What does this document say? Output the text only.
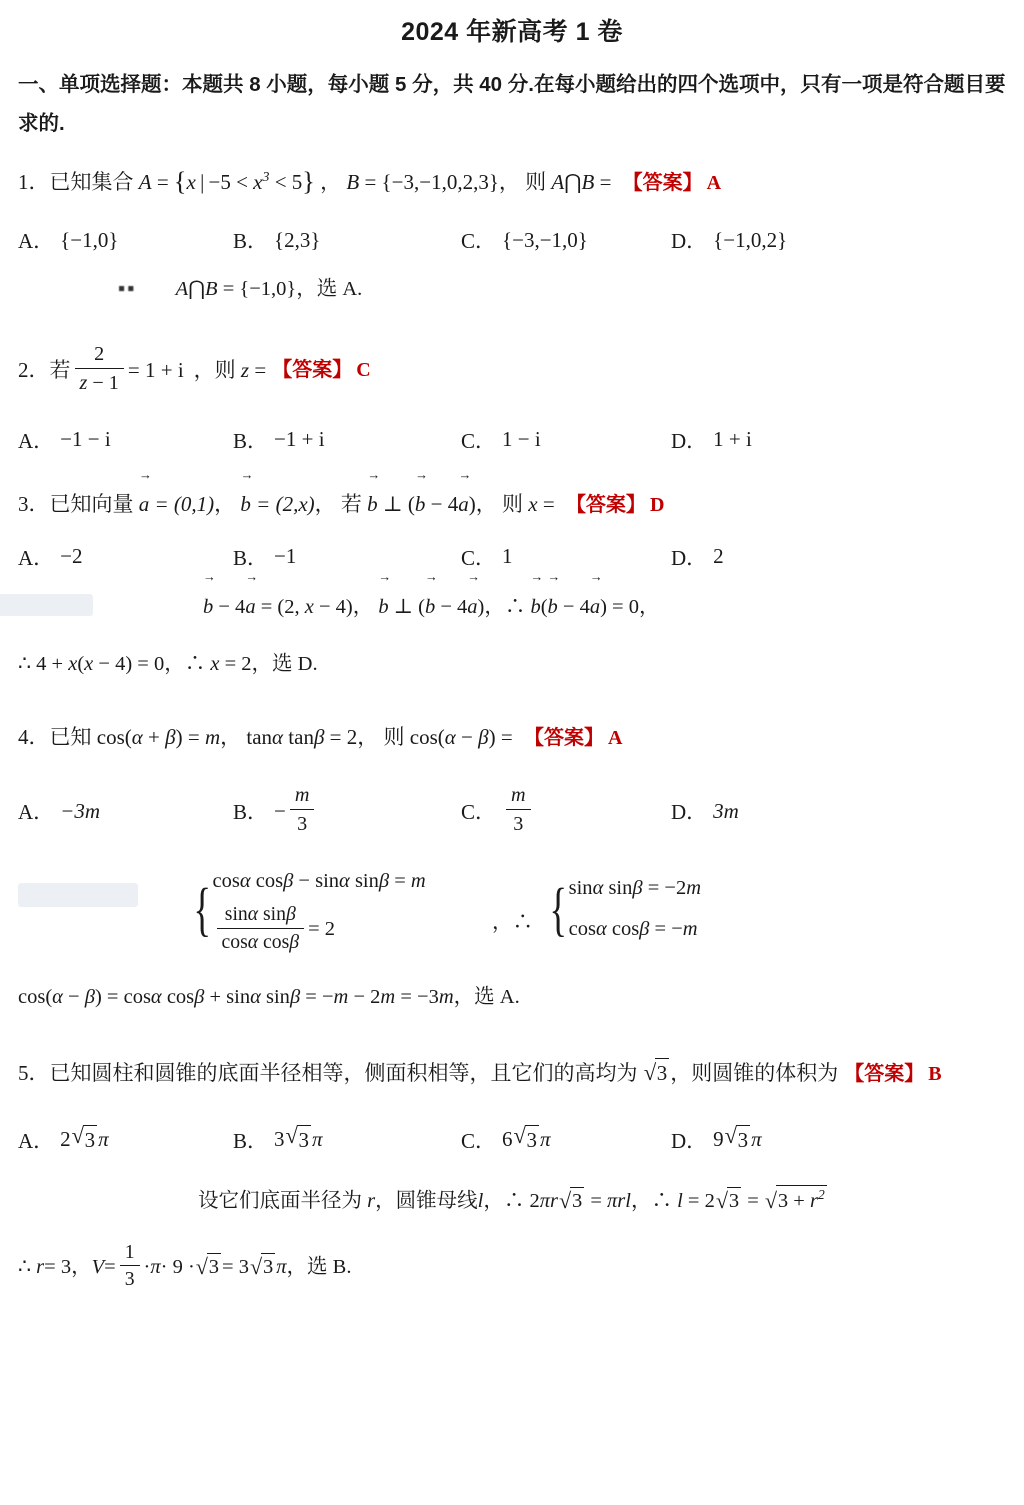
2024 年新高考 1 卷
一、单项选择题：本题共 8 小题，每小题 5 分，共 40 分.在每小题给出的四个选项中，只有一项是符合题目要求的.
1．已知集合 A = {x | $-5 < x^3 < 5$} ， B = {−3,−1,0,2,3}， 则 A⋂B = 【答案】 A
A． {−1,0}	B． {2,3}	C． {−3,−1,0}	D． {−1,0,2}
▪▪ A⋂B = {−1,0}，选 A.
2．若 $\frac{2}{z - 1} = 1 + i$ ，则 z = 【答案】 C
A． −1 − i	B． −1 + i	C． 1 − i	D． 1 + i
3．已知向量 a → = (0,1)， b → = (2,x)， 若 b → ⊥ (b → − 4a →)， 则 x = 【答案】 D
A． −2	B． −1	C． 1	D． 2
b → − 4a → = (2, x − 4)， b → ⊥ (b → − 4a →)，∴ b →(b → − 4a →) = 0，
∴ 4 + x(x − 4) = 0，∴ x = 2，选 D.
4．已知 cos(α + β) = m， tanα tanβ = 2， 则 cos(α − β) = 【答案】 A
A． −3m	B． − $\frac{m}{3}$	C． $\frac{m}{3}$	D． 3m
{ cosα cosβ − sinα sinβ = m
$\frac{\text{sinα sinβ}}{\text{cosα cosβ}} = 2$	，∴ { sinα sinβ = −2m
cosα cosβ = −m
cos(α − β) = cosα cosβ + sinα sinβ = −m − 2m = −3m，选 A.
5．已知圆柱和圆锥的底面半径相等，侧面积相等，且它们的高均为 √ 3 ，则圆锥的体积为 【答案】 B
A． 2 √ 3 π	B． 3 √ 3 π	C． 6 √ 3 π	D． 9 √ 3 π
设它们底面半径为 r，圆锥母线l，∴ 2πr √ 3 = πrl，∴ l = 2 √ 3 = √ $3 + r^2$
∴
r = 3， $V = \frac{1}{3} \cdot \pi \cdot 9$ · √ 3 = 3 √ 3 π ，选 B.
